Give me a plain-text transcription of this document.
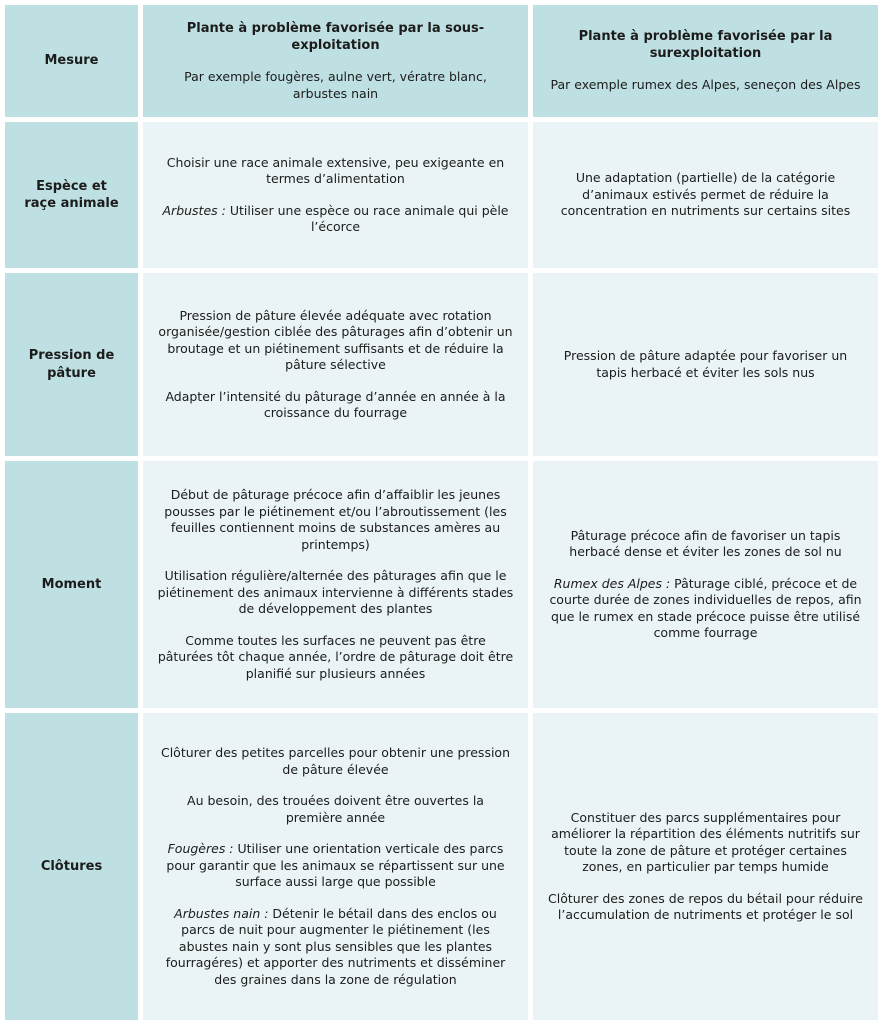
Mesure
Plante à problème favorisée par la sous-exploitation
Par exemple fougères, aulne vert, vératre blanc, arbustes nain
Plante à problème favorisée par la surexploitation
Par exemple rumex des Alpes, seneçon des Alpes
Espèce et raçe animale

Choisir une race animale extensive, peu exigeante en termes d’alimentation

Arbustes : Utiliser une espèce ou race animale qui pèle l’écorce

Une adaptation (partielle) de la catégorie d’animaux estivés permet de réduire la concentration en nutriments sur certains sites

Pression de pâture

Pression de pâture élevée adéquate avec rotation organisée/gestion ciblée des pâturages afin d’obtenir un broutage et un piétinement suffisants et de réduire la pâture sélective

Adapter l’intensité du pâturage d’année en année à la croissance du fourrage

Pression de pâture adaptée pour favoriser un tapis herbacé et éviter les sols nus

Moment

Début de pâturage précoce afin d’affaiblir les jeunes pousses par le piétinement et/ou l’abroutissement (les feuilles contiennent moins de substances amères au printemps)

Utilisation régulière/alternée des pâturages afin que le piétinement des animaux intervienne à différents stades de développement des plantes

Comme toutes les surfaces ne peuvent pas être pâturées tôt chaque année, l’ordre de pâturage doit être planifié sur plusieurs années

Pâturage précoce afin de favoriser un tapis herbacé dense et éviter les zones de sol nu

Rumex des Alpes : Pâturage ciblé, précoce et de courte durée de zones individuelles de repos, afin que le rumex en stade précoce puisse être utilisé comme fourrage

Clôtures

Clôturer des petites parcelles pour obtenir une pression de pâture élevée

Au besoin, des trouées doivent être ouvertes la première année

Fougères : Utiliser une orientation verticale des parcs pour garantir que les animaux se répartissent sur une surface aussi large que possible

Arbustes nain : Détenir le bétail dans des enclos ou parcs de nuit pour augmenter le piétinement (les abustes nain y sont plus sensibles que les plantes fourragéres) et apporter des nutriments et disséminer des graines dans la zone de régulation

Constituer des parcs supplémentaires pour améliorer la répartition des éléments nutritifs sur toute la zone de pâture et protéger certaines zones, en particulier par temps humide

Clôturer des zones de repos du bétail pour réduire l’accumulation de nutriments et protéger le sol
